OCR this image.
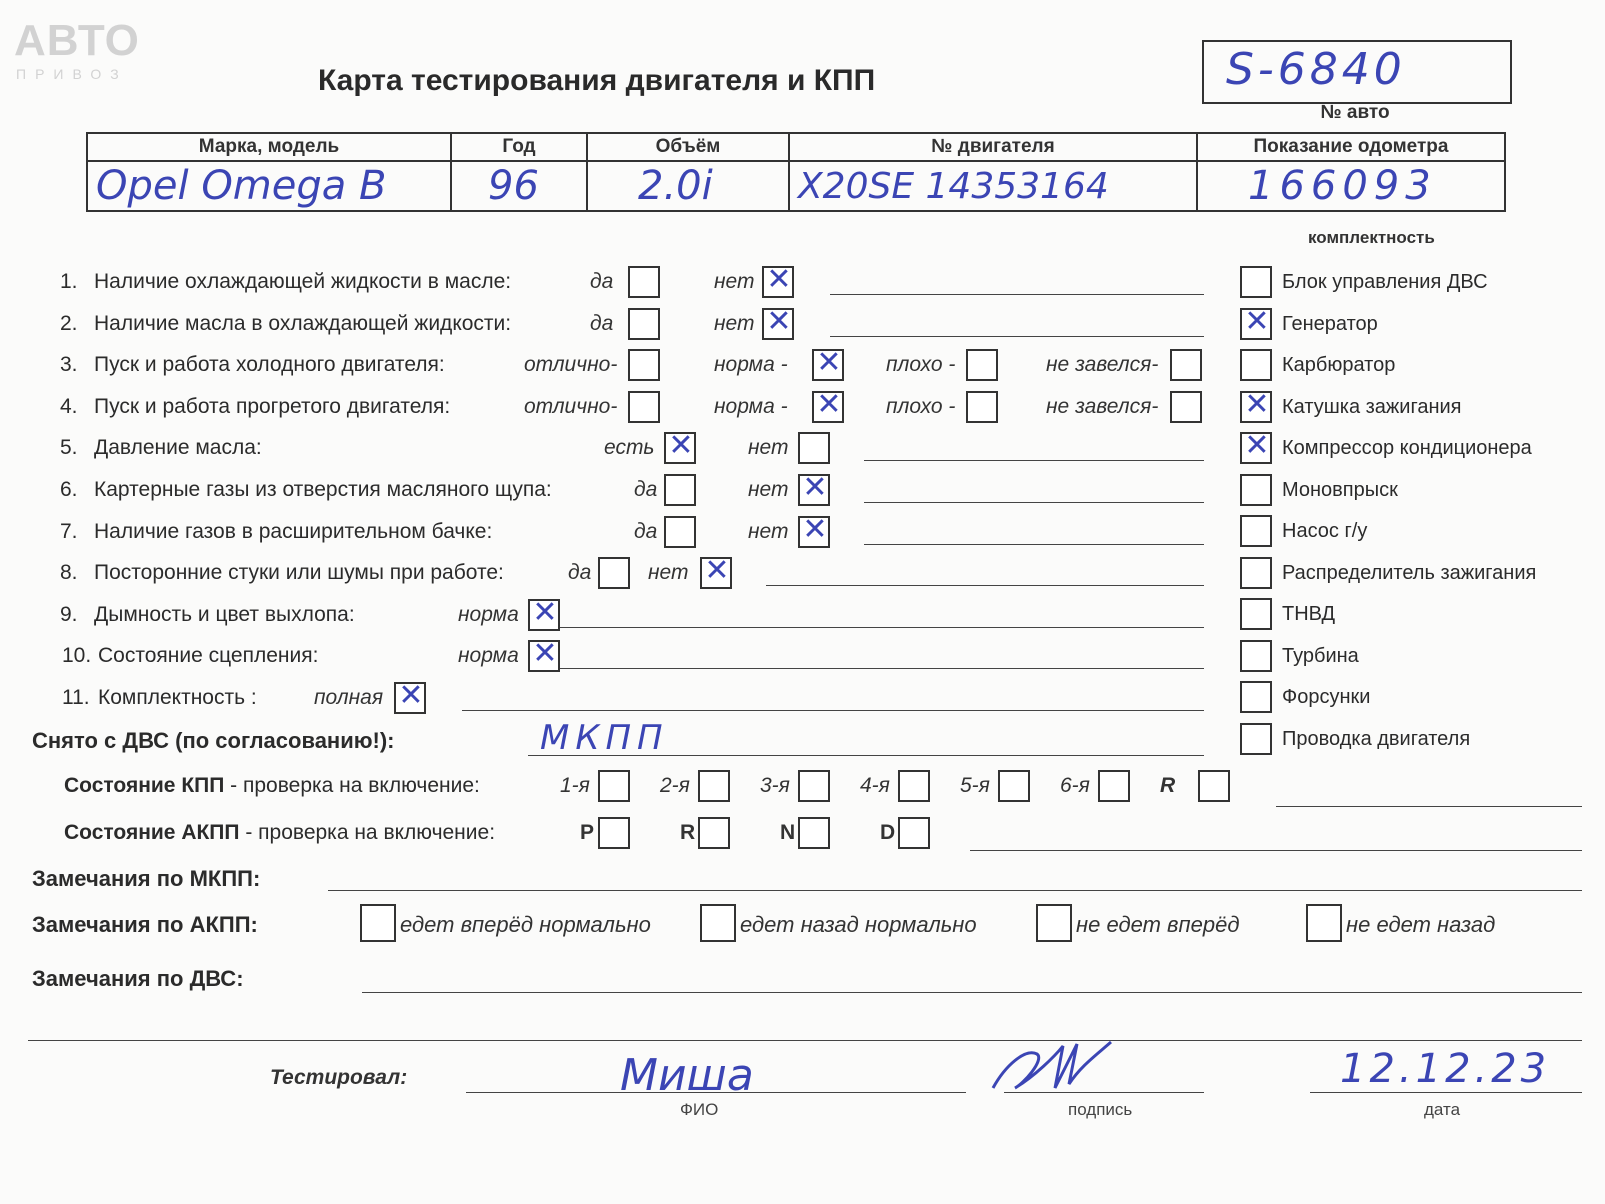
АВТО
ПРИВОЗ	Карта тестирования двигателя и КПП	S-6840
№ авто
Марка, модель	Год	Объём	№ двигателя	Показание одометра
Opel Omega B	96	2.0i	X20SE 14353164	166093
комплектность
Блок управления ДВС
✕ Генератор
Карбюратор
✕ Катушка зажигания
✕ Компрессор кондиционера
Моновпрыск
Насос г/у
Распределитель зажигания
ТНВД
Турбина
Форсунки
Проводка двигателя
1. Наличие охлаждающей жидкости в масле:	да	нет ✕
2. Наличие масла в охлаждающей жидкости:	да	нет ✕
3. Пуск и работа холодного двигателя:	отлично-	норма - ✕ плохо -	не завелся-
4. Пуск и работа прогретого двигателя:	отлично-	норма - ✕ плохо -	не завелся-
5. Давление масла:	есть ✕	нет
6. Картерные газы из отверстия масляного щупа:	да	нет ✕
7. Наличие газов в расширительном бачке:	да	нет ✕
8. Посторонние стуки или шумы при работе:	да	нет ✕
9. Дымность и цвет выхлопа:	норма ✕
10. Состояние сцепления:	норма ✕
11. Комплектность :	полная ✕
Снято с ДВС (по согласованию!):	МКПП
Состояние КПП - проверка на включение:	1-я	2-я	3-я	4-я	5-я	6-я	R
Состояние АКПП - проверка на включение:	P	R	N	D
Замечания по МКПП:
Замечания по АКПП:	едет вперёд нормально	едет назад нормально	не едет вперёд	не едет назад
Замечания по ДВС:
Тестировал:	Миша
ФИО	подпись
12.12.23
дата
